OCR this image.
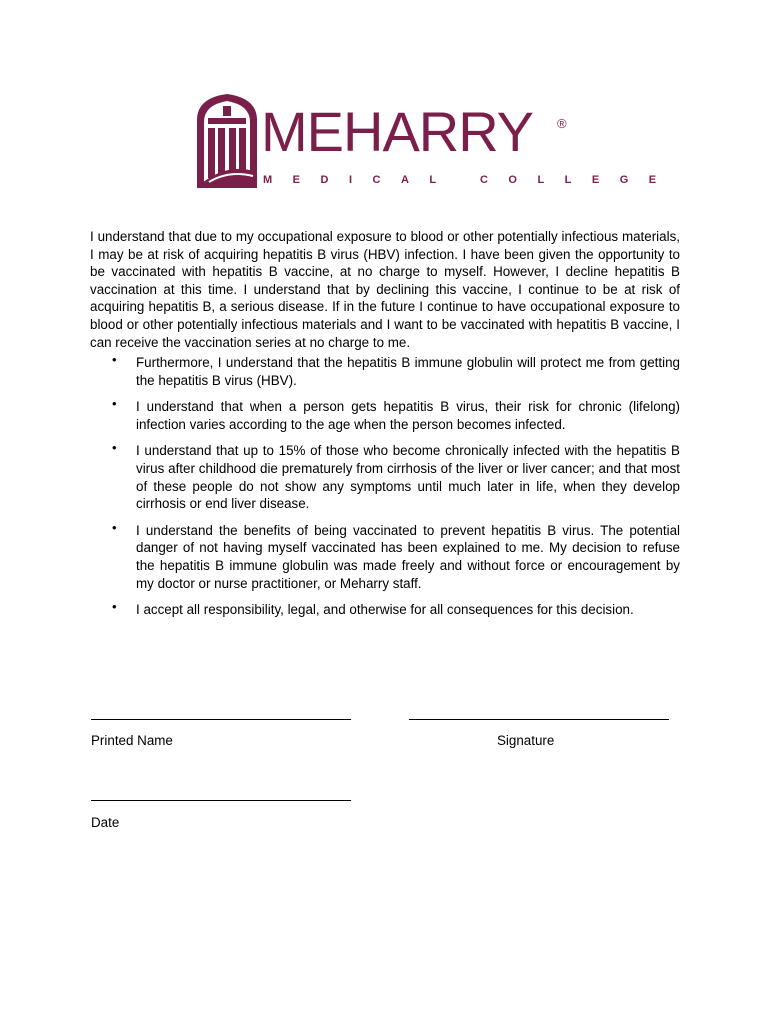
MEHARRY ®
MEDICAL COLLEGE

I understand that due to my occupational exposure to blood or other potentially infectious materials, I may be at risk of acquiring hepatitis B virus (HBV) infection. I have been given the opportunity to be vaccinated with hepatitis B vaccine, at no charge to myself. However, I decline hepatitis B vaccination at this time. I understand that by declining this vaccine, I continue to be at risk of acquiring hepatitis B, a serious disease. If in the future I continue to have occupational exposure to blood or other potentially infectious materials and I want to be vaccinated with hepatitis B vaccine, I can receive the vaccination series at no charge to me.

• Furthermore, I understand that the hepatitis B immune globulin will protect me from getting the hepatitis B virus (HBV).
• I understand that when a person gets hepatitis B virus, their risk for chronic (lifelong) infection varies according to the age when the person becomes infected.
• I understand that up to 15% of those who become chronically infected with the hepatitis B virus after childhood die prematurely from cirrhosis of the liver or liver cancer; and that most of these people do not show any symptoms until much later in life, when they develop cirrhosis or end liver disease.
• I understand the benefits of being vaccinated to prevent hepatitis B virus. The potential danger of not having myself vaccinated has been explained to me. My decision to refuse the hepatitis B immune globulin was made freely and without force or encouragement by my doctor or nurse practitioner, or Meharry staff.
• I accept all responsibility, legal, and otherwise for all consequences for this decision.
Printed Name	Signature
Date
